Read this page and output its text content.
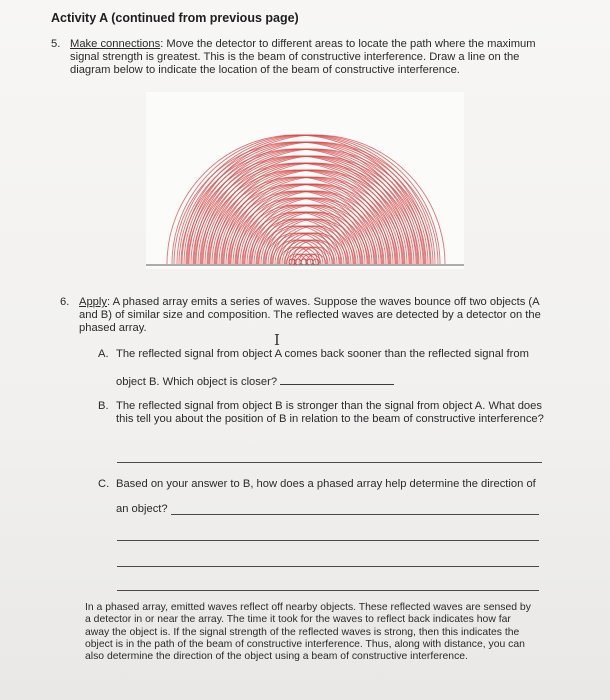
Activity A (continued from previous page)
5. Make connections: Move the detector to different areas to locate the path where the maximum signal strength is greatest. This is the beam of constructive interference. Draw a line on the diagram below to indicate the location of the beam of constructive interference.
6. Apply: A phased array emits a series of waves. Suppose the waves bounce off two objects (A and B) of similar size and composition. The reflected waves are detected by a detector on the phased array.
I
A. The reflected signal from object A comes back sooner than the reflected signal from
object B. Which object is closer?
B. The reflected signal from object B is stronger than the signal from object A. What does this tell you about the position of B in relation to the beam of constructive interference?
C. Based on your answer to B, how does a phased array help determine the direction of
an object?
In a phased array, emitted waves reflect off nearby objects. These reflected waves are sensed by a detector in or near the array. The time it took for the waves to reflect back indicates how far away the object is. If the signal strength of the reflected waves is strong, then this indicates the object is in the path of the beam of constructive interference. Thus, along with distance, you can also determine the direction of the object using a beam of constructive interference.
